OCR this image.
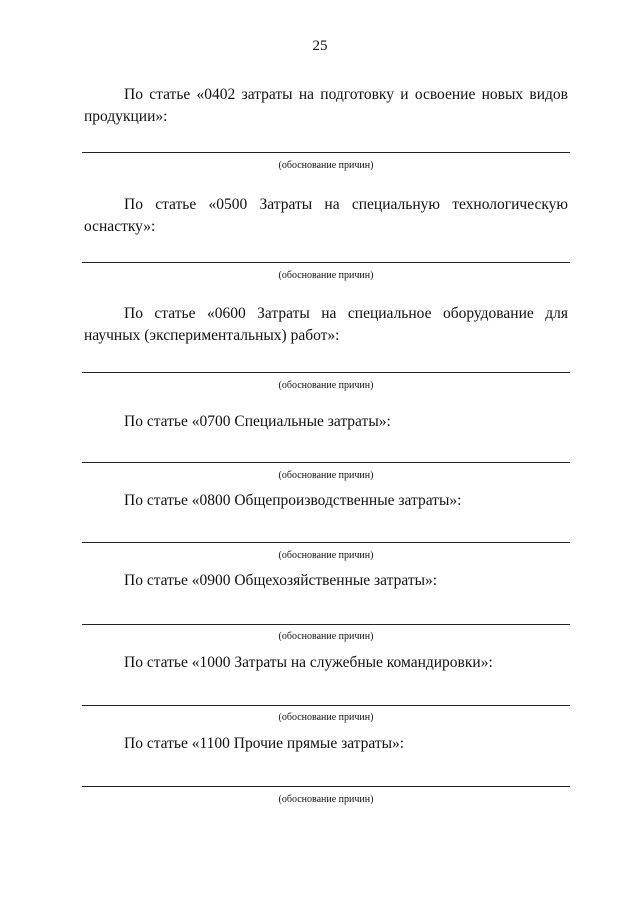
25
По статье «0402 затраты на подготовку и освоение новых видов продукции»:
(обоснование причин)
По статье «0500 Затраты на специальную технологическую оснастку»:
(обоснование причин)
По статье «0600 Затраты на специальное оборудование для научных (экспериментальных) работ»:
(обоснование причин)
По статье «0700 Специальные затраты»:
(обоснование причин)
По статье «0800 Общепроизводственные затраты»:
(обоснование причин)
По статье «0900 Общехозяйственные затраты»:
(обоснование причин)
По статье «1000 Затраты на служебные командировки»:
(обоснование причин)
По статье «1100 Прочие прямые затраты»:
(обоснование причин)
